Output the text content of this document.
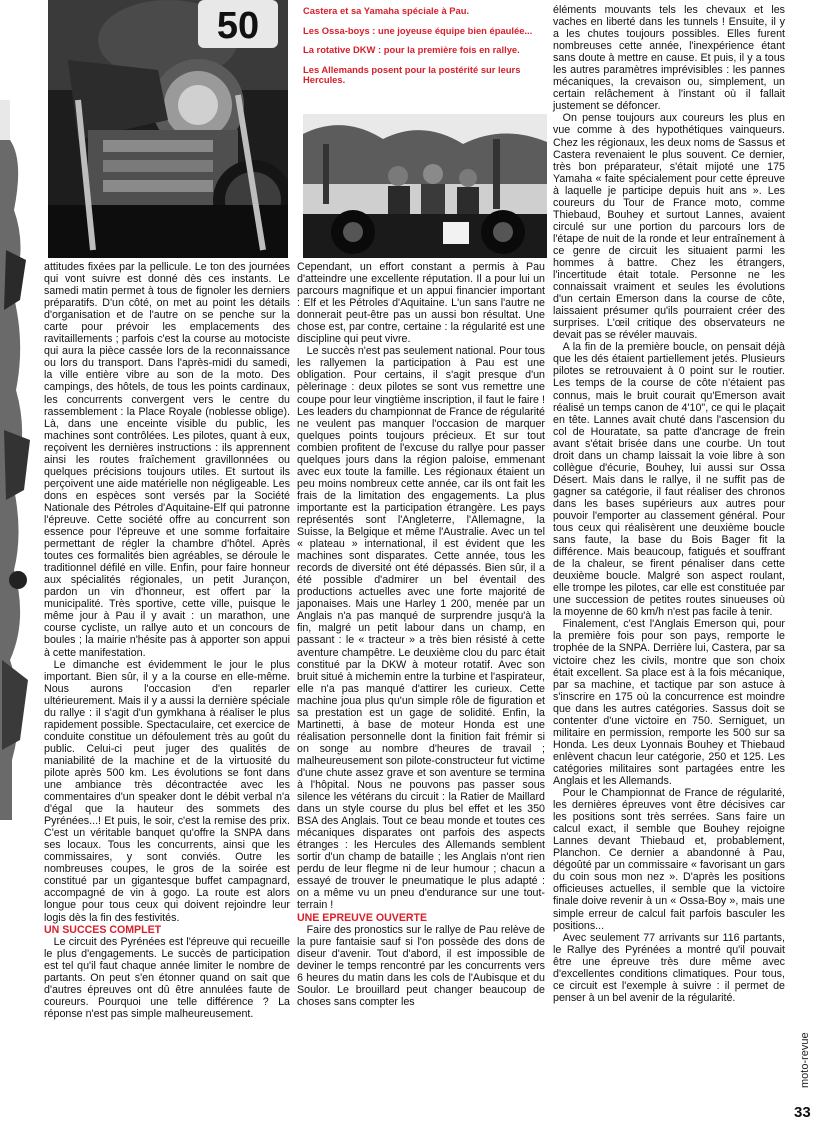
50	Castera et sa Yamaha spéciale à Pau.

Les Ossa-boys : une joyeuse équipe bien épaulée...

La rotative DKW : pour la première fois en rallye.

Les Allemands posent pour la postérité sur leurs Hercules.

attitudes fixées par la pellicule. Le ton des journées qui vont suivre est donné dès ces instants. Le samedi matin permet à tous de fignoler les derniers préparatifs. D'un côté, on met au point les détails d'organisation et de l'autre on se penche sur la carte pour prévoir les emplacements des ravitaillements ; parfois c'est la course au motociste qui aura la pièce cassée lors de la reconnaissance ou lors du transport. Dans l'après-midi du samedi, la ville entière vibre au son de la moto. Des campings, des hôtels, de tous les points cardinaux, les concurrents convergent vers le centre du rassemblement : la Place Royale (noblesse oblige). Là, dans une enceinte visible du public, les machines sont contrôlées. Les pilotes, quant à eux, reçoivent les dernières instructions : ils apprennent ainsi les routes fraîchement gravillonnées ou quelques précisions toujours utiles. Et surtout ils perçoivent une aide matérielle non négligeable. Les dons en espèces sont versés par la Société Nationale des Pétroles d'Aquitaine-Elf qui patronne l'épreuve. Cette société offre au concurrent son essence pour l'épreuve et une somme forfaitaire permettant de régler la chambre d'hôtel. Après toutes ces formalités bien agréables, se déroule le traditionnel défilé en ville. Enfin, pour faire honneur aux spécialités régionales, un petit Jurançon, pardon un vin d'honneur, est offert par la municipalité. Très sportive, cette ville, puisque le même jour à Pau il y avait : un marathon, une course cycliste, un rallye auto et un concours de boules ; la mairie n'hésite pas à apporter son appui à cette manifestation.

Le dimanche est évidemment le jour le plus important. Bien sûr, il y a la course en elle-même. Nous aurons l'occasion d'en reparler ultérieurement. Mais il y a aussi la dernière spéciale du rallye : il s'agit d'un gymkhana à réaliser le plus rapidement possible. Spectaculaire, cet exercice de conduite constitue un défoulement très au goût du public. Celui-ci peut juger des qualités de maniabilité de la machine et de la virtuosité du pilote après 500 km. Les évolutions se font dans une ambiance très décontractée avec les commentaires d'un speaker dont le débit verbal n'a d'égal que la hauteur des sommets des Pyrénées...! Et puis, le soir, c'est la remise des prix. C'est un véritable banquet qu'offre la SNPA dans ses locaux. Tous les concurrents, ainsi que les commissaires, y sont conviés. Outre les nombreuses coupes, le gros de la soirée est constitué par un gigantesque buffet campagnard, accompagné de vin à gogo. La route est alors longue pour tous ceux qui doivent rejoindre leur logis dès la fin des festivités.

UN SUCCES COMPLET

Le circuit des Pyrénées est l'épreuve qui recueille le plus d'engagements. Le succès de participation est tel qu'il faut chaque année limiter le nombre de partants. On peut s'en étonner quand on sait que d'autres épreuves ont dû être annulées faute de coureurs. Pourquoi une telle différence ? La réponse n'est pas simple malheureusement.

Cependant, un effort constant a permis à Pau d'atteindre une excellente réputation. Il a pour lui un parcours magnifique et un appui financier important : Elf et les Pétroles d'Aquitaine. L'un sans l'autre ne donnerait peut-être pas un aussi bon résultat. Une chose est, par contre, certaine : la régularité est une discipline qui peut vivre.

Le succès n'est pas seulement national. Pour tous les rallyemen la participation à Pau est une obligation. Pour certains, il s'agit presque d'un pèlerinage : deux pilotes se sont vus remettre une coupe pour leur vingtième inscription, il faut le faire ! Les leaders du championnat de France de régularité ne veulent pas manquer l'occasion de marquer quelques points toujours précieux. Et sur tout combien profitent de l'excuse du rallye pour passer quelques jours dans la région paloise, emmenant avec eux toute la famille. Les régionaux étaient un peu moins nombreux cette année, car ils ont fait les frais de la limitation des engagements. La plus importante est la participation étrangère. Les pays représentés sont l'Angleterre, l'Allemagne, la Suisse, la Belgique et même l'Australie. Avec un tel « plateau » international, il est évident que les machines sont disparates. Cette année, tous les records de diversité ont été dépassés. Bien sûr, il a été possible d'admirer un bel éventail des productions actuelles avec une forte majorité de japonaises. Mais une Harley 1 200, menée par un Anglais n'a pas manqué de surprendre jusqu'à la fin, malgré un petit labour dans un champ, en passant : le « tracteur » a très bien résisté à cette aventure champêtre. Le deuxième clou du parc était constitué par la DKW à moteur rotatif. Avec son bruit situé à michemin entre la turbine et l'aspirateur, elle n'a pas manqué d'attirer les curieux. Cette machine joua plus qu'un simple rôle de figuration et sa prestation est un gage de solidité. Enfin, la Martinetti, à base de moteur Honda est une réalisation personnelle dont la finition fait frémir si on songe au nombre d'heures de travail ; malheureusement son pilote-constructeur fut victime d'une chute assez grave et son aventure se termina à l'hôpital. Nous ne pouvons pas passer sous silence les vétérans du circuit : la Ratier de Maillard dans un style course du plus bel effet et les 350 BSA des Anglais. Tout ce beau monde et toutes ces mécaniques disparates ont parfois des aspects étranges : les Hercules des Allemands semblent sortir d'un champ de bataille ; les Anglais n'ont rien perdu de leur flegme ni de leur humour ; chacun a essayé de trouver le pneumatique le plus adapté : on a même vu un pneu d'endurance sur une tout-terrain !

UNE EPREUVE OUVERTE

Faire des pronostics sur le rallye de Pau relève de la pure fantaisie sauf si l'on possède des dons de diseur d'avenir. Tout d'abord, il est impossible de deviner le temps rencontré par les concurrents vers 6 heures du matin dans les cols de l'Aubisque et du Soulor. Le brouillard peut changer beaucoup de choses sans compter les

éléments mouvants tels les chevaux et les vaches en liberté dans les tunnels ! Ensuite, il y a les chutes toujours possibles. Elles furent nombreuses cette année, l'inexpérience étant sans doute à mettre en cause. Et puis, il y a tous les autres paramètres imprévisibles : les pannes mécaniques, la crevaison ou, simplement, un certain relâchement à l'instant où il fallait justement se défoncer.

On pense toujours aux coureurs les plus en vue comme à des hypothétiques vainqueurs. Chez les régionaux, les deux noms de Sassus et Castera revenaient le plus souvent. Ce dernier, très bon préparateur, s'était mijoté une 175 Yamaha « faite spécialement pour cette épreuve à laquelle je participe depuis huit ans ». Les coureurs du Tour de France moto, comme Thiebaud, Bouhey et surtout Lannes, avaient circulé sur une portion du parcours lors de l'étape de nuit de la ronde et leur entraînement à ce genre de circuit les situaient parmi les hommes à battre. Chez les étrangers, l'incertitude était totale. Personne ne les connaissait vraiment et seules les évolutions d'un certain Emerson dans la course de côte, laissaient présumer qu'ils pourraient créer des surprises. L'œil critique des observateurs ne devait pas se révéler mauvais.

A la fin de la première boucle, on pensait déjà que les dés étaient partiellement jetés. Plusieurs pilotes se retrouvaient à 0 point sur le routier. Les temps de la course de côte n'étaient pas connus, mais le bruit courait qu'Emerson avait réalisé un temps canon de 4'10", ce qui le plaçait en tête. Lannes avait chuté dans l'ascension du col de Houratate, sa patte d'ancrage de frein avant s'était brisée dans une courbe. Un tout droit dans un champ laissait la voie libre à son collègue d'écurie, Bouhey, lui aussi sur Ossa Désert. Mais dans le rallye, il ne suffit pas de gagner sa catégorie, il faut réaliser des chronos dans les bases supérieurs aux autres pour pouvoir l'emporter au classement général. Pour tous ceux qui réalisèrent une deuxième boucle sans faute, la base du Bois Bager fit la différence. Mais beaucoup, fatigués et souffrant de la chaleur, se firent pénaliser dans cette deuxième boucle. Malgré son aspect roulant, elle trompe les pilotes, car elle est constituée par une succession de petites routes sinueuses où la moyenne de 60 km/h n'est pas facile à tenir.

Finalement, c'est l'Anglais Emerson qui, pour la première fois pour son pays, remporte le trophée de la SNPA. Derrière lui, Castera, par sa victoire chez les civils, montre que son choix était excellent. Sa place est à la fois mécanique, par sa machine, et tactique par son astuce à s'inscrire en 175 où la concurrence est moindre que dans les autres catégories. Sassus doit se contenter d'une victoire en 750. Serniguet, un militaire en permission, remporte les 500 sur sa Honda. Les deux Lyonnais Bouhey et Thiebaud enlèvent chacun leur catégorie, 250 et 125. Les catégories militaires sont partagées entre les Anglais et les Allemands.

Pour le Championnat de France de régularité, les dernières épreuves vont être décisives car les positions sont très serrées. Sans faire un calcul exact, il semble que Bouhey rejoigne Lannes devant Thiebaud et, probablement, Planchon. Ce dernier a abandonné à Pau, dégoûté par un commissaire « favorisant un gars du coin sous mon nez ». D'après les positions officieuses actuelles, il semble que la victoire finale doive revenir à un « Ossa-Boy », mais une simple erreur de calcul fait parfois basculer les positions...

Avec seulement 77 arrivants sur 116 partants, le Rallye des Pyrénées a montré qu'il pouvait être une épreuve très dure même avec d'excellentes conditions climatiques. Pour tous, ce circuit est l'exemple à suivre : il permet de penser à un bel avenir de la régularité.

moto-revue
33
